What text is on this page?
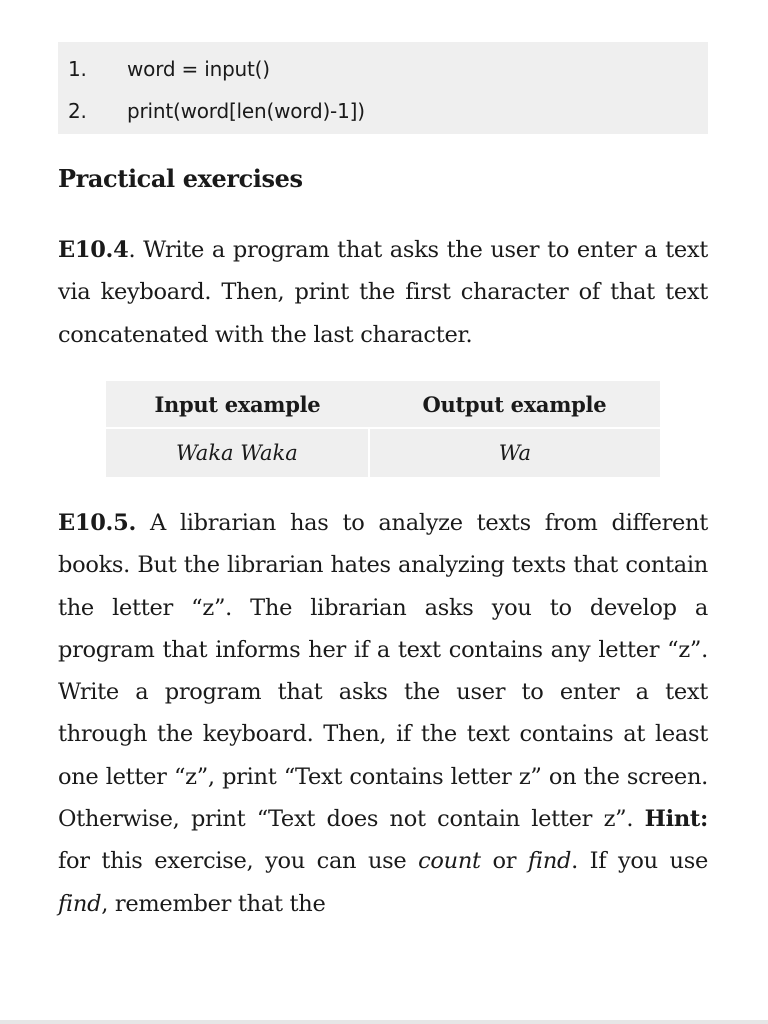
1.	word = input()
2.	print(word[len(word)-1])
Practical exercises

E10.4. Write a program that asks the user to enter a text via keyboard. Then, print the first character of that text concatenated with the last character.

Input example	Output example
Waka Waka	Wa

E10.5. A librarian has to analyze texts from different books. But the librarian hates analyzing texts that contain the letter “z”. The librarian asks you to develop a program that informs her if a text contains any letter “z”. Write a program that asks the user to enter a text through the keyboard. Then, if the text contains at least one letter “z”, print “Text contains letter z” on the screen. Otherwise, print “Text does not contain letter z”. Hint: for this exercise, you can use count or find. If you use find, remember that the
